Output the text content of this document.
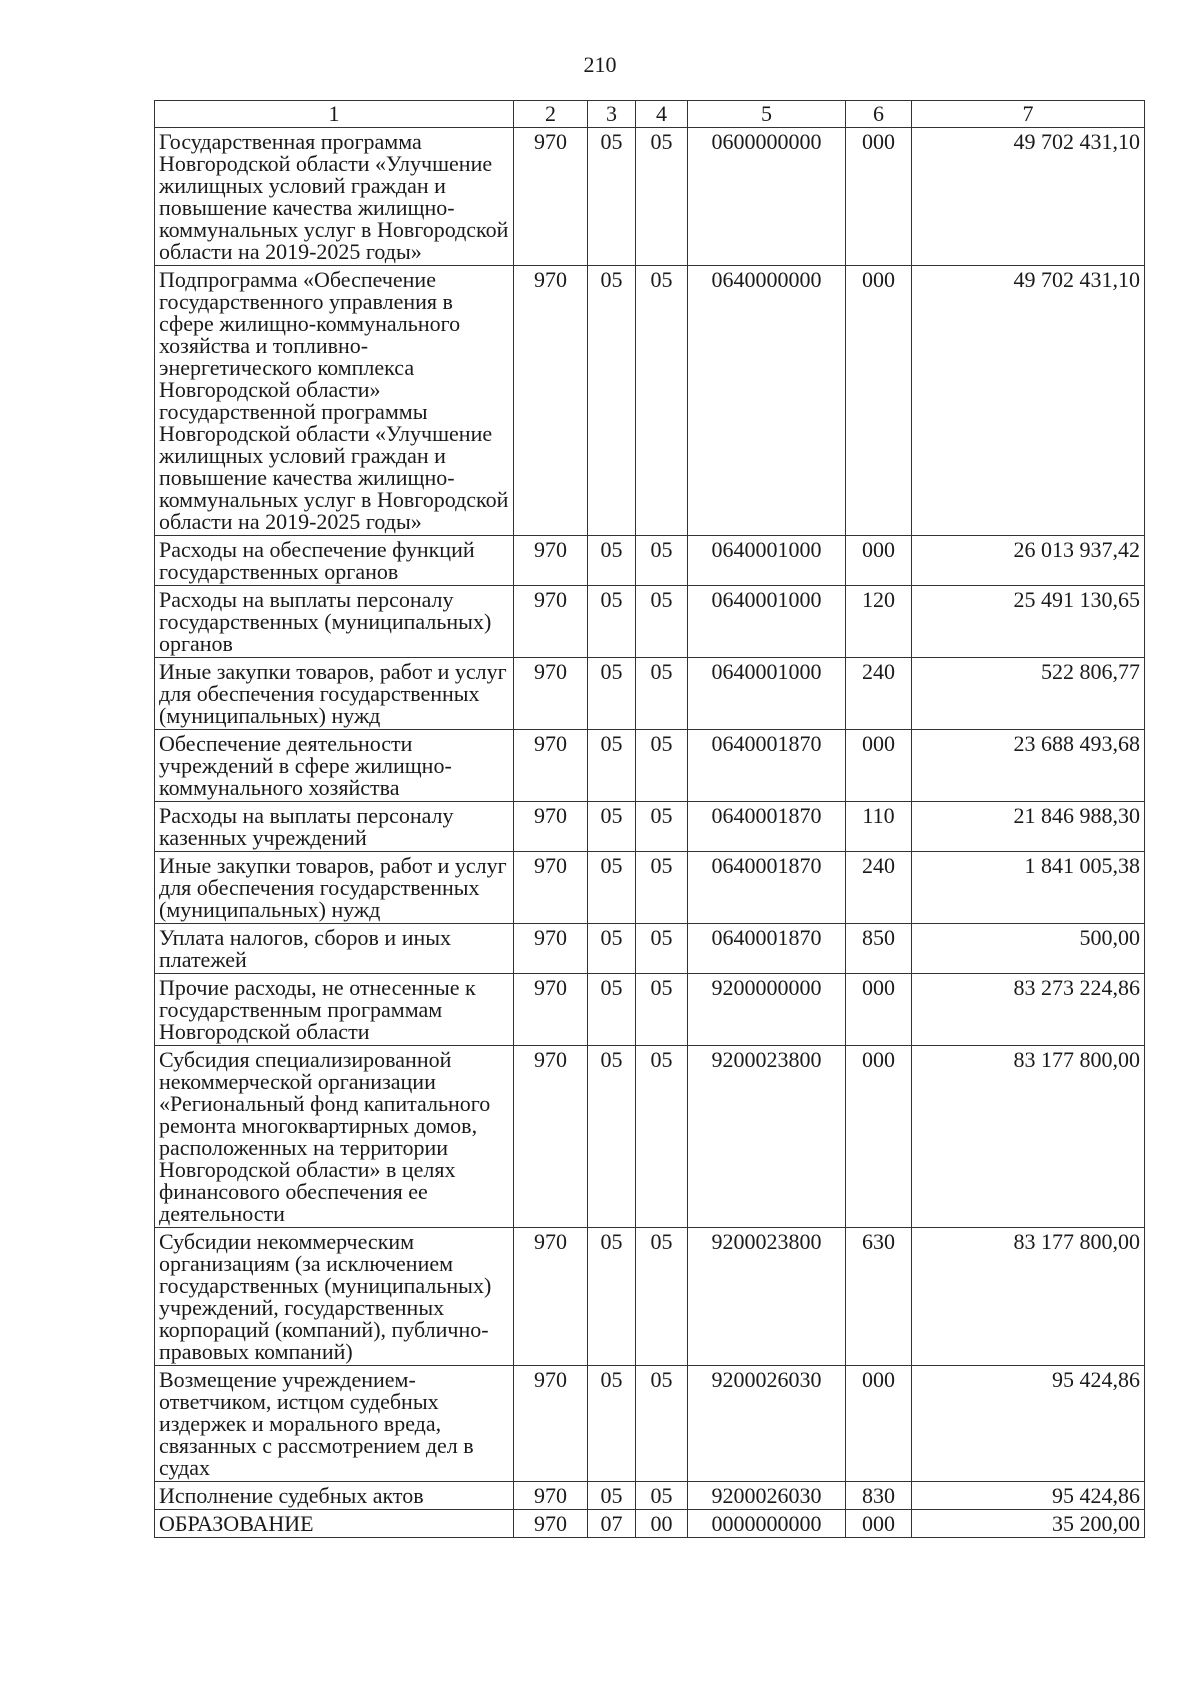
210
1	2	3	4	5	6	7
Государственная программа Новгородской области «Улучшение жилищных условий граждан и повышение качества жилищно-коммунальных услуг в Новгородской области на 2019-2025 годы»	970	05	05	0600000000	000	49 702 431,10
Подпрограмма «Обеспечение государственного управления в сфере жилищно-коммунального хозяйства и топливно-энергетического комплекса Новгородской области» государственной программы Новгородской области «Улучшение жилищных условий граждан и повышение качества жилищно-коммунальных услуг в Новгородской области на 2019-2025 годы»	970	05	05	0640000000	000	49 702 431,10
Расходы на обеспечение функций государственных органов	970	05	05	0640001000	000	26 013 937,42
Расходы на выплаты персоналу государственных (муниципальных) органов	970	05	05	0640001000	120	25 491 130,65
Иные закупки товаров, работ и услуг для обеспечения государственных (муниципальных) нужд	970	05	05	0640001000	240	522 806,77
Обеспечение деятельности учреждений в сфере жилищно-коммунального хозяйства	970	05	05	0640001870	000	23 688 493,68
Расходы на выплаты персоналу казенных учреждений	970	05	05	0640001870	110	21 846 988,30
Иные закупки товаров, работ и услуг для обеспечения государственных (муниципальных) нужд	970	05	05	0640001870	240	1 841 005,38
Уплата налогов, сборов и иных платежей	970	05	05	0640001870	850	500,00
Прочие расходы, не отнесенные к государственным программам Новгородской области	970	05	05	9200000000	000	83 273 224,86
Субсидия специализированной некоммерческой организации «Региональный фонд капитального ремонта многоквартирных домов, расположенных на территории Новгородской области» в целях финансового обеспечения ее деятельности	970	05	05	9200023800	000	83 177 800,00
Субсидии некоммерческим организациям (за исключением государственных (муниципальных) учреждений, государственных корпораций (компаний), публично-правовых компаний)	970	05	05	9200023800	630	83 177 800,00
Возмещение учреждением-ответчиком, истцом судебных издержек и морального вреда, связанных с рассмотрением дел в судах	970	05	05	9200026030	000	95 424,86
Исполнение судебных актов	970	05	05	9200026030	830	95 424,86
ОБРАЗОВАНИЕ	970	07	00	0000000000	000	35 200,00
